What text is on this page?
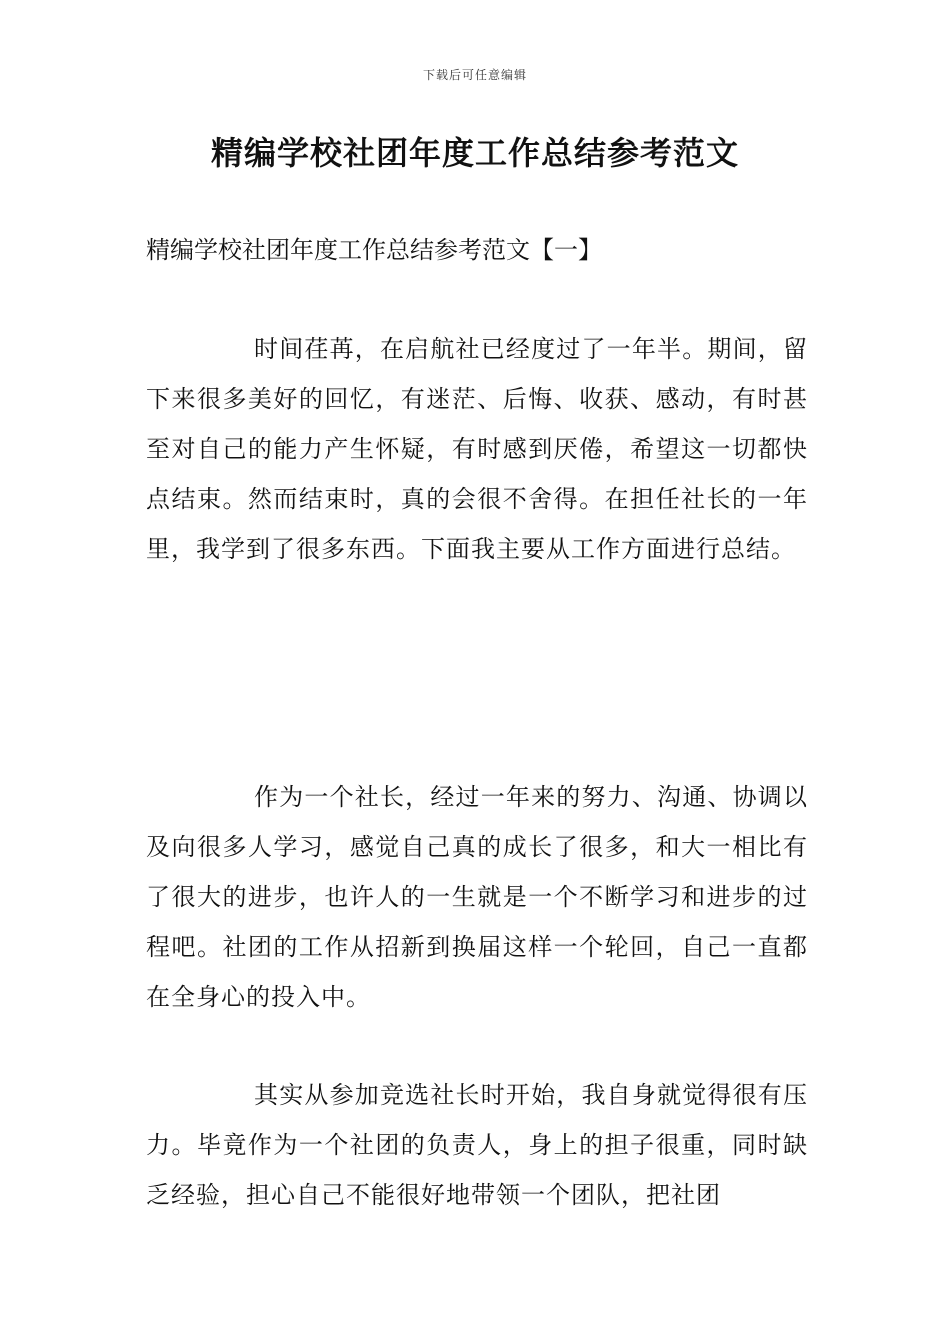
下载后可任意编辑
精编学校社团年度工作总结参考范文

精编学校社团年度工作总结参考范文【一】

时间荏苒，在启航社已经度过了一年半。期间，留下来很多美好的回忆，有迷茫、后悔、收获、感动，有时甚至对自己的能力产生怀疑，有时感到厌倦，希望这一切都快点结束。然而结束时，真的会很不舍得。在担任社长的一年里，我学到了很多东西。下面我主要从工作方面进行总结。

作为一个社长，经过一年来的努力、沟通、协调以及向很多人学习，感觉自己真的成长了很多，和大一相比有了很大的进步，也许人的一生就是一个不断学习和进步的过程吧。社团的工作从招新到换届这样一个轮回，自己一直都在全身心的投入中。

其实从参加竞选社长时开始，我自身就觉得很有压力。毕竟作为一个社团的负责人，身上的担子很重，同时缺乏经验，担心自己不能很好地带领一个团队，把社团
